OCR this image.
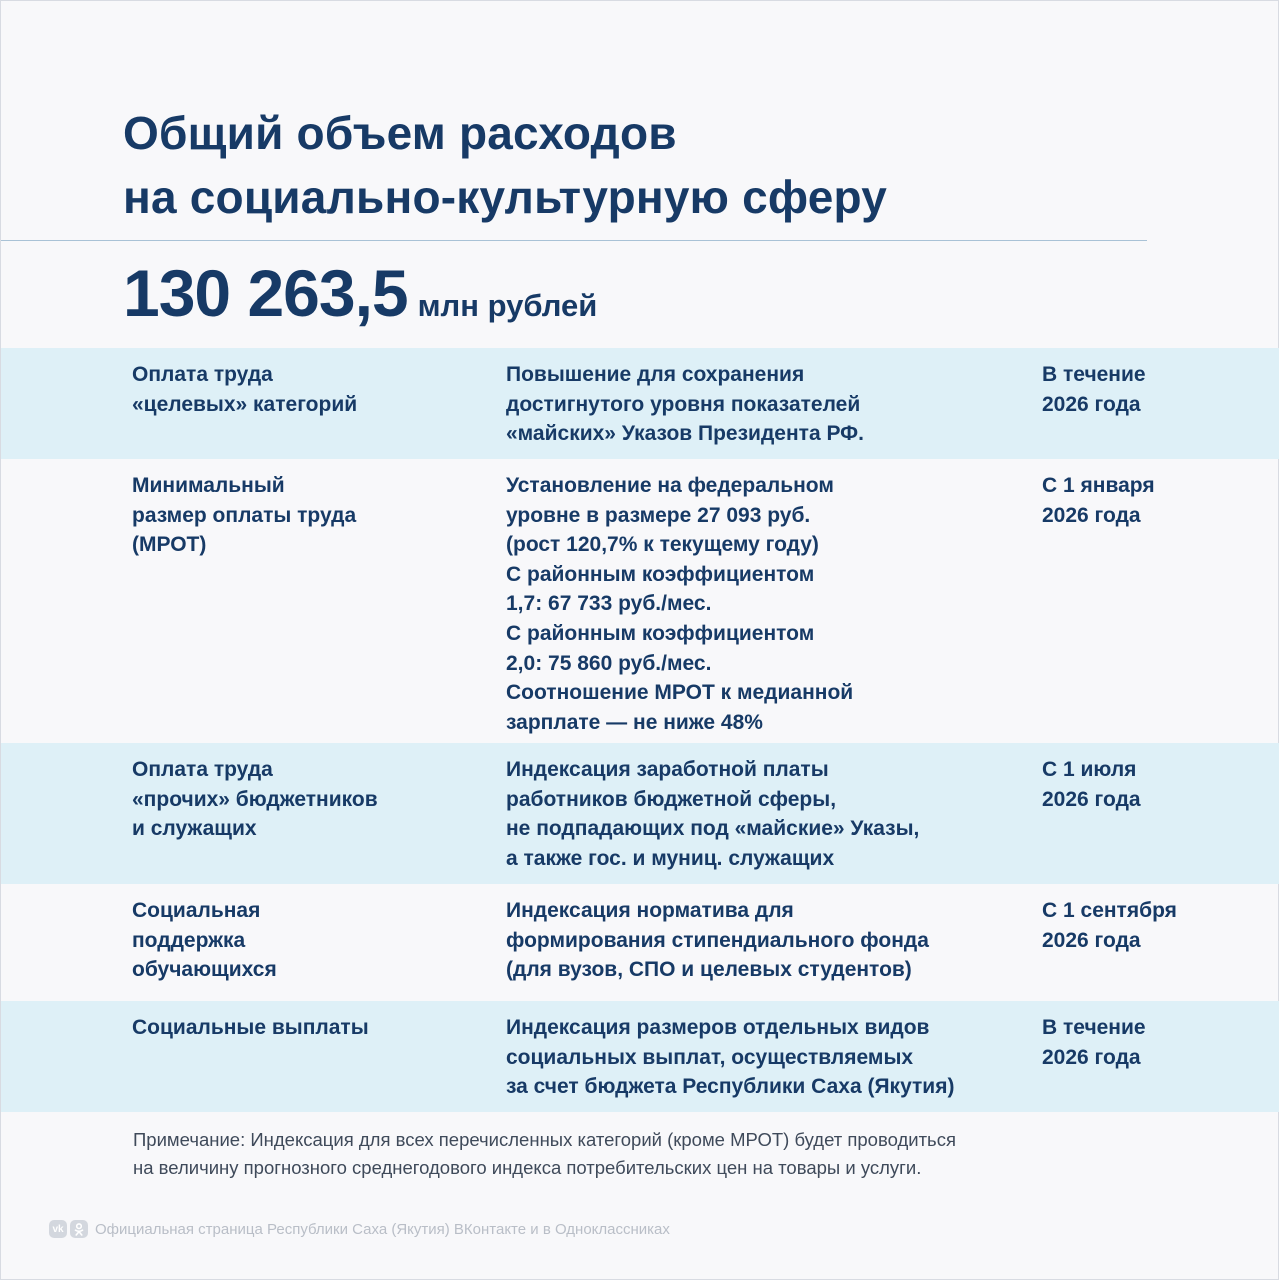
Общий объем расходов
на социально-культурную сферу
130 263,5 млн рублей
Оплата труда
«целевых» категорий
Повышение для сохранения
достигнутого уровня показателей
«майских» Указов Президента РФ.
В течение
2026 года
Минимальный
размер оплаты труда
(МРОТ)
Установление на федеральном
уровне в размере 27 093 руб.
(рост 120,7% к текущему году)
С районным коэффициентом
1,7: 67 733 руб./мес.
С районным коэффициентом
2,0: 75 860 руб./мес.
Соотношение МРОТ к медианной
зарплате — не ниже 48%
С 1 января
2026 года
Оплата труда
«прочих» бюджетников
и служащих
Индексация заработной платы
работников бюджетной сферы,
не подпадающих под «майские» Указы,
а также гос. и муниц. служащих
С 1 июля
2026 года
Социальная
поддержка
обучающихся
Индексация норматива для
формирования стипендиального фонда
(для вузов, СПО и целевых студентов)
С 1 сентября
2026 года
Социальные выплаты	Индексация размеров отдельных видов
социальных выплат, осуществляемых
за счет бюджета Республики Саха (Якутия)
В течение
2026 года
Примечание: Индексация для всех перечисленных категорий (кроме МРОТ) будет проводиться
на величину прогнозного среднегодового индекса потребительских цен на товары и услуги.
vk Официальная страница Республики Саха (Якутия) ВКонтакте и в Одноклассниках
